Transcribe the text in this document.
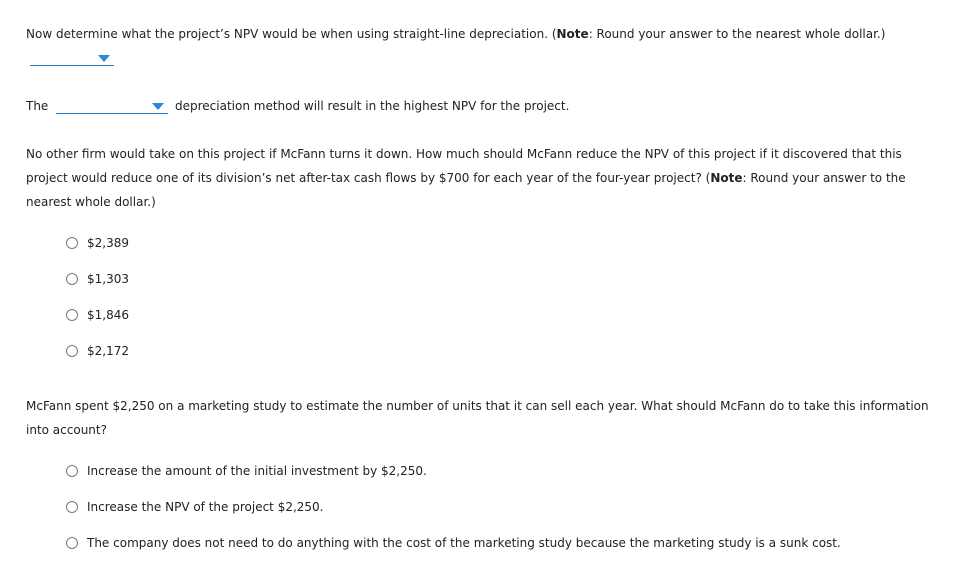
Now determine what the project’s NPV would be when using straight-line depreciation. (Note: Round your answer to the nearest whole dollar.)
The	depreciation method will result in the highest NPV for the project.
No other firm would take on this project if McFann turns it down. How much should McFann reduce the NPV of this project if it discovered that this
project would reduce one of its division’s net after-tax cash flows by $700 for each year of the four-year project? (Note: Round your answer to the
nearest whole dollar.)
$2,389
$1,303
$1,846
$2,172
McFann spent $2,250 on a marketing study to estimate the number of units that it can sell each year. What should McFann do to take this information
into account?
Increase the amount of the initial investment by $2,250.
Increase the NPV of the project $2,250.
The company does not need to do anything with the cost of the marketing study because the marketing study is a sunk cost.
